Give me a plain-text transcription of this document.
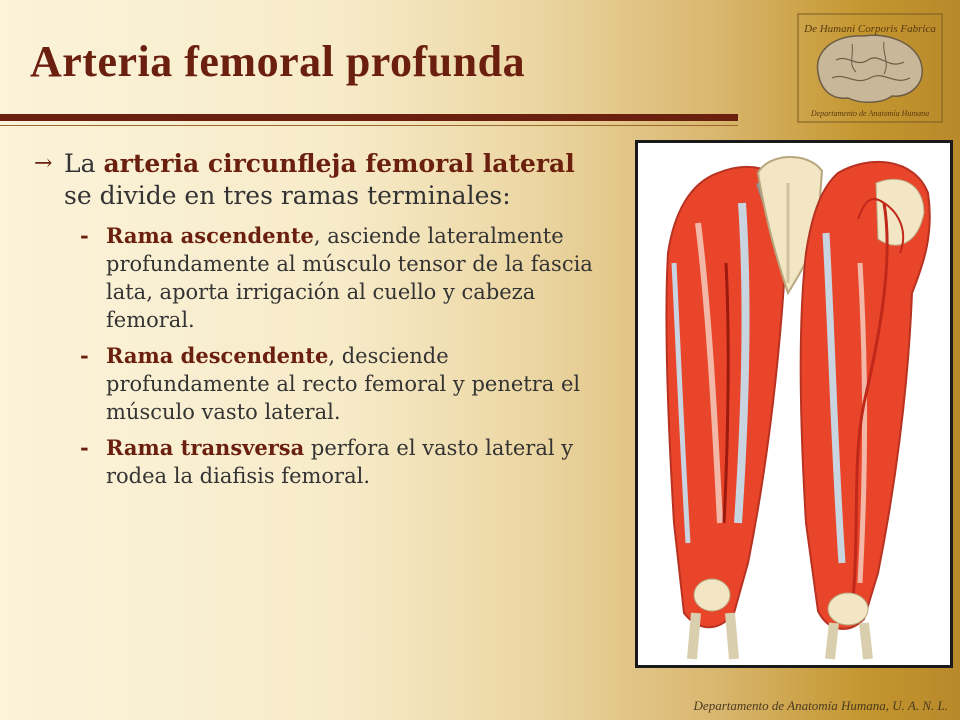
Arteria femoral profunda
De Humani Corporis Fabrica
Departamento de Anatomía Humana
→ La arteria circunfleja femoral lateral se divide en tres ramas terminales:
- Rama ascendente, asciende lateralmente profundamente al músculo tensor de la fascia lata, aporta irrigación al cuello y cabeza femoral.
- Rama descendente, desciende profundamente al recto femoral y penetra el músculo vasto lateral.
- Rama transversa perfora el vasto lateral y rodea la diafisis femoral.

Departamento de Anatomía Humana, U. A. N. L.
